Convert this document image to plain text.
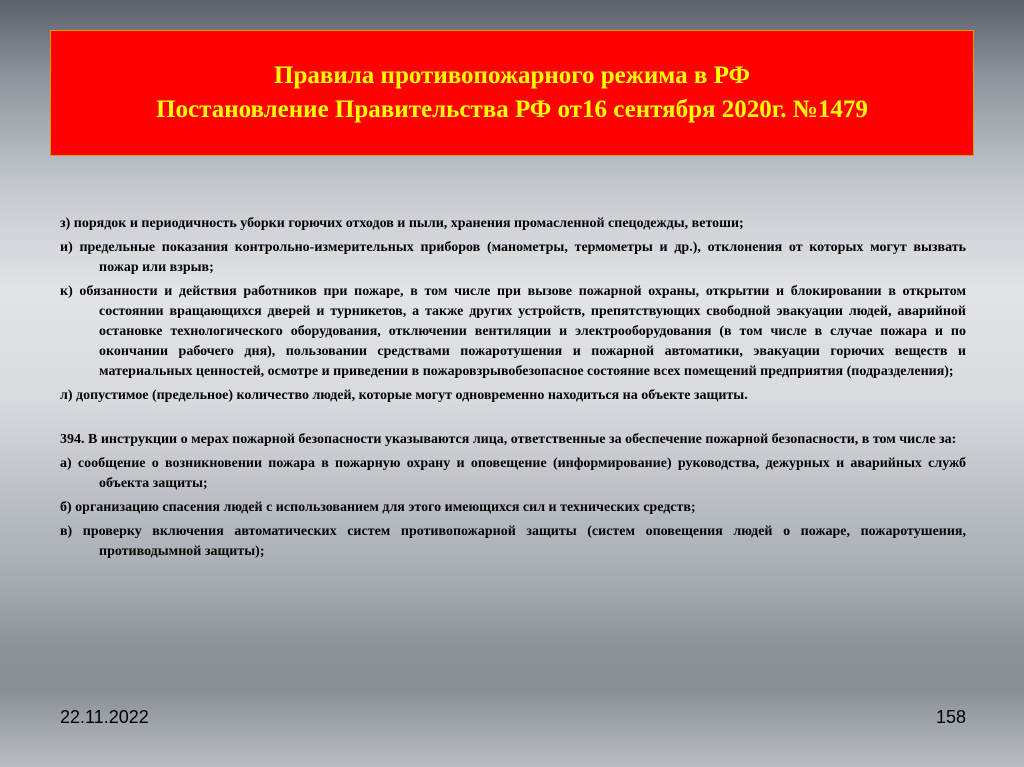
Правила противопожарного режима в РФ
Постановление Правительства РФ от16 сентября 2020г. №1479
з) порядок и периодичность уборки горючих отходов и пыли, хранения промасленной спецодежды, ветоши;
и) предельные показания контрольно-измерительных приборов (манометры, термометры и др.), отклонения от которых могут вызвать пожар или взрыв;
к) обязанности и действия работников при пожаре, в том числе при вызове пожарной охраны, открытии и блокировании в открытом состоянии вращающихся дверей и турникетов, а также других устройств, препятствующих свободной эвакуации людей, аварийной остановке технологического оборудования, отключении вентиляции и электрооборудования (в том числе в случае пожара и по окончании рабочего дня), пользовании средствами пожаротушения и пожарной автоматики, эвакуации горючих веществ и материальных ценностей, осмотре и приведении в пожаровзрывобезопасное состояние всех помещений предприятия (подразделения);
л) допустимое (предельное) количество людей, которые могут одновременно находиться на объекте защиты.
394. В инструкции о мерах пожарной безопасности указываются лица, ответственные за обеспечение пожарной безопасности, в том числе за:
а) сообщение о возникновении пожара в пожарную охрану и оповещение (информирование) руководства, дежурных и аварийных служб объекта защиты;
б) организацию спасения людей с использованием для этого имеющихся сил и технических средств;
в) проверку включения автоматических систем противопожарной защиты (систем оповещения людей о пожаре, пожаротушения, противодымной защиты);
22.11.2022	158
